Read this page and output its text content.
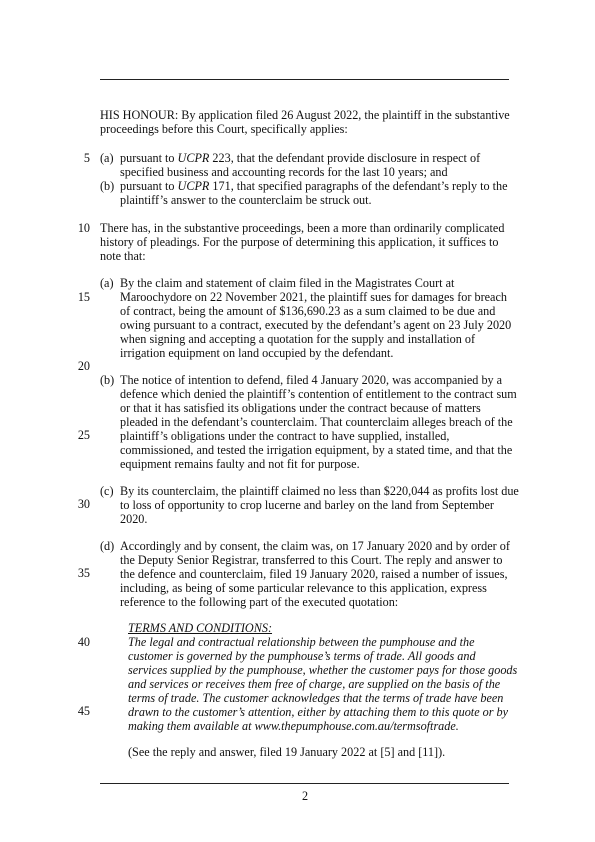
5
10
15
20
25
30
35
40
45
HIS HONOUR: By application filed 26 August 2022, the plaintiff in the substantive
proceedings before this Court, specifically applies:
(a) pursuant to UCPR 223, that the defendant provide disclosure in respect of
specified business and accounting records for the last 10 years; and
(b) pursuant to UCPR 171, that specified paragraphs of the defendant’s reply to the
plaintiff’s answer to the counterclaim be struck out.
There has, in the substantive proceedings, been a more than ordinarily complicated
history of pleadings. For the purpose of determining this application, it suffices to
note that:
(a) By the claim and statement of claim filed in the Magistrates Court at
Maroochydore on 22 November 2021, the plaintiff sues for damages for breach
of contract, being the amount of $136,690.23 as a sum claimed to be due and
owing pursuant to a contract, executed by the defendant’s agent on 23 July 2020
when signing and accepting a quotation for the supply and installation of
irrigation equipment on land occupied by the defendant.
(b) The notice of intention to defend, filed 4 January 2020, was accompanied by a
defence which denied the plaintiff’s contention of entitlement to the contract sum
or that it has satisfied its obligations under the contract because of matters
pleaded in the defendant’s counterclaim. That counterclaim alleges breach of the
plaintiff’s obligations under the contract to have supplied, installed,
commissioned, and tested the irrigation equipment, by a stated time, and that the
equipment remains faulty and not fit for purpose.
(c) By its counterclaim, the plaintiff claimed no less than $220,044 as profits lost due
to loss of opportunity to crop lucerne and barley on the land from September
2020.
(d) Accordingly and by consent, the claim was, on 17 January 2020 and by order of
the Deputy Senior Registrar, transferred to this Court. The reply and answer to
the defence and counterclaim, filed 19 January 2020, raised a number of issues,
including, as being of some particular relevance to this application, express
reference to the following part of the executed quotation:
TERMS AND CONDITIONS:
The legal and contractual relationship between the pumphouse and the
customer is governed by the pumphouse’s terms of trade. All goods and
services supplied by the pumphouse, whether the customer pays for those goods
and services or receives them free of charge, are supplied on the basis of the
terms of trade. The customer acknowledges that the terms of trade have been
drawn to the customer’s attention, either by attaching them to this quote or by
making them available at www.thepumphouse.com.au/termsoftrade.
(See the reply and answer, filed 19 January 2022 at [5] and [11]).
2
